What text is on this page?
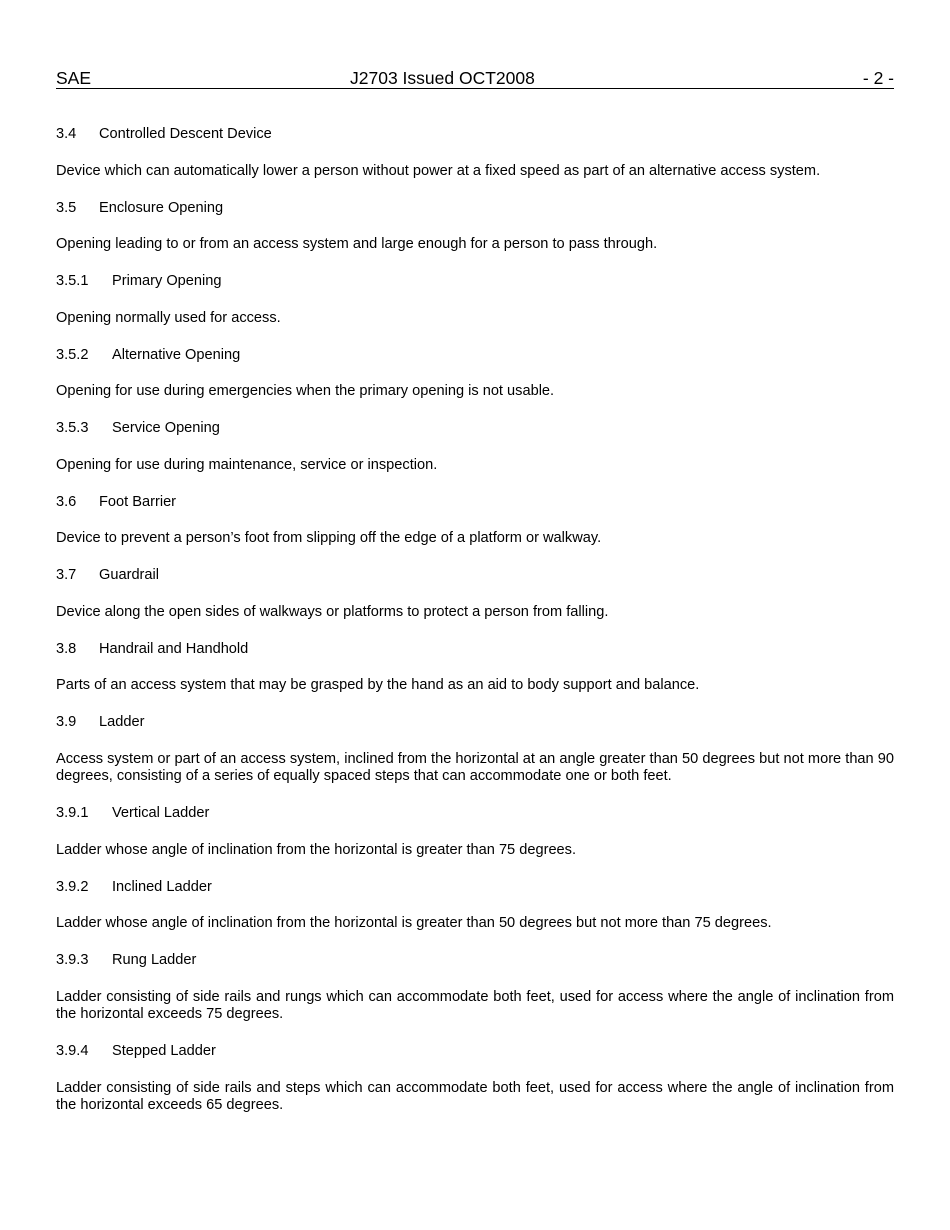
SAE	J2703 Issued OCT2008	- 2 -
3.4 Controlled Descent Device

Device which can automatically lower a person without power at a fixed speed as part of an alternative access system.

3.5 Enclosure Opening

Opening leading to or from an access system and large enough for a person to pass through.

3.5.1 Primary Opening

Opening normally used for access.

3.5.2 Alternative Opening

Opening for use during emergencies when the primary opening is not usable.

3.5.3 Service Opening

Opening for use during maintenance, service or inspection.

3.6 Foot Barrier

Device to prevent a person’s foot from slipping off the edge of a platform or walkway.

3.7 Guardrail

Device along the open sides of walkways or platforms to protect a person from falling.

3.8 Handrail and Handhold

Parts of an access system that may be grasped by the hand as an aid to body support and balance.

3.9 Ladder

Access system or part of an access system, inclined from the horizontal at an angle greater than 50 degrees but not more than 90 degrees, consisting of a series of equally spaced steps that can accommodate one or both feet.

3.9.1 Vertical Ladder

Ladder whose angle of inclination from the horizontal is greater than 75 degrees.

3.9.2 Inclined Ladder

Ladder whose angle of inclination from the horizontal is greater than 50 degrees but not more than 75 degrees.

3.9.3 Rung Ladder

Ladder consisting of side rails and rungs which can accommodate both feet, used for access where the angle of inclination from the horizontal exceeds 75 degrees.

3.9.4 Stepped Ladder

Ladder consisting of side rails and steps which can accommodate both feet, used for access where the angle of inclination from the horizontal exceeds 65 degrees.
